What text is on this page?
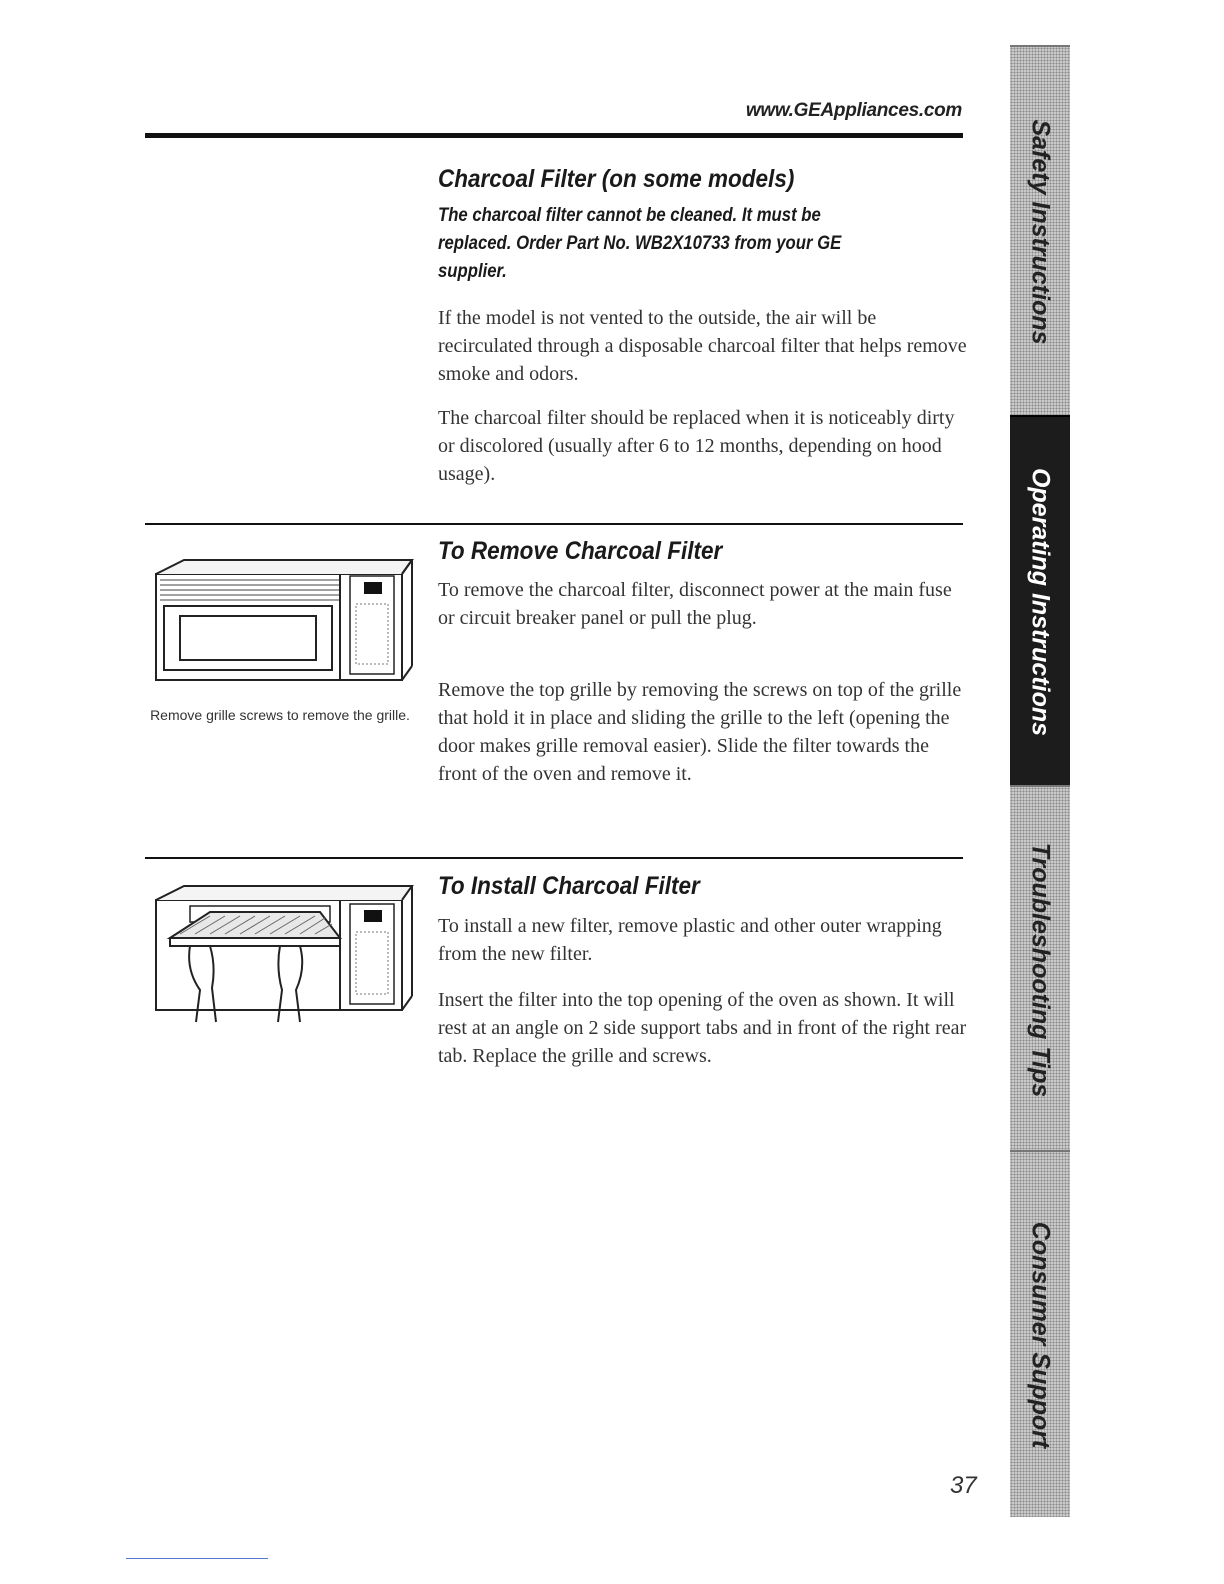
www.GEAppliances.com
Charcoal Filter (on some models)

The charcoal filter cannot be cleaned. It must be replaced. Order Part No. WB2X10733 from your GE supplier.

If the model is not vented to the outside, the air will be recirculated through a disposable charcoal filter that helps remove smoke and odors.

The charcoal filter should be replaced when it is noticeably dirty or discolored (usually after 6 to 12 months, depending on hood usage).

Remove grille screws to remove the grille.
To Remove Charcoal Filter

To remove the charcoal filter, disconnect power at the main fuse or circuit breaker panel or pull the plug.

Remove the top grille by removing the screws on top of the grille that hold it in place and sliding the grille to the left (opening the door makes grille removal easier). Slide the filter towards the front of the oven and remove it.

To Install Charcoal Filter

To install a new filter, remove plastic and other outer wrapping from the new filter.

Insert the filter into the top opening of the oven as shown. It will rest at an angle on 2 side support tabs and in front of the right rear tab. Replace the grille and screws.

Safety Instructions
Operating Instructions
Troubleshooting Tips
Consumer Support
37
